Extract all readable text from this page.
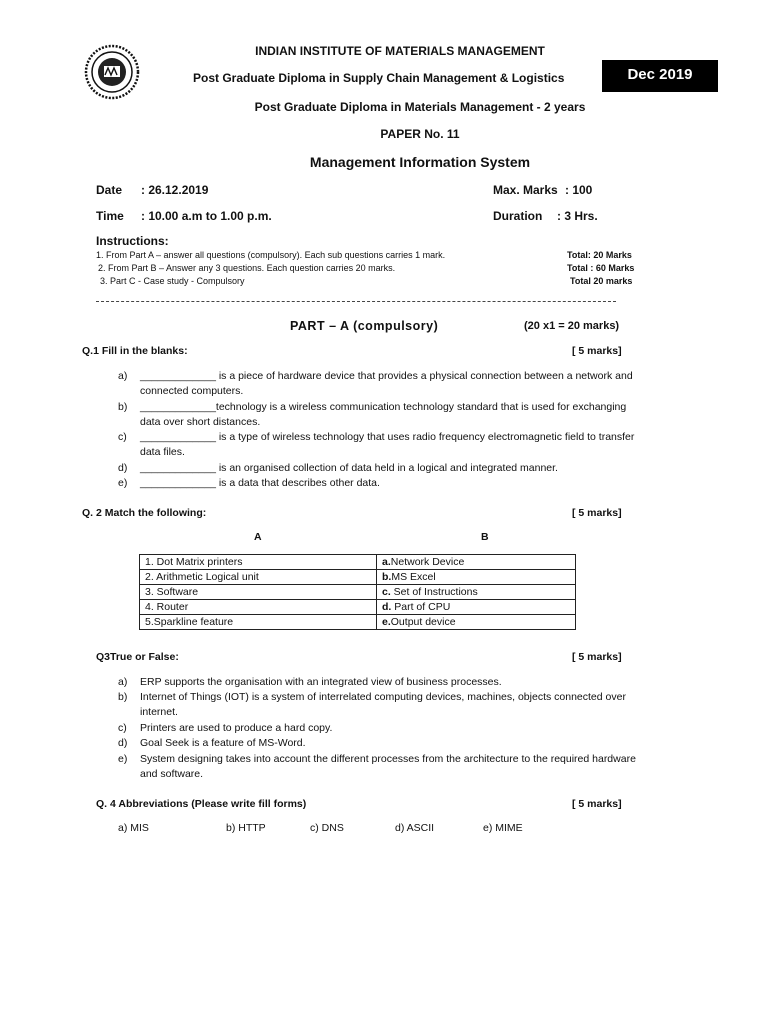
INDIAN INSTITUTE OF MATERIALS MANAGEMENT
Post Graduate Diploma in Supply Chain Management & Logistics	Dec 2019
Post Graduate Diploma in Materials Management - 2 years
PAPER No. 11
Management Information System
Date : 26.12.2019	Max. Marks : 100
Time : 10.00 a.m to 1.00 p.m.	Duration : 3 Hrs.
Instructions:
1. From Part A – answer all questions (compulsory). Each sub questions carries 1 mark.	Total: 20 Marks
2. From Part B – Answer any 3 questions. Each question carries 20 marks.	Total : 60 Marks
3. Part C - Case study - Compulsory	Total 20 marks
PART – A (compulsory)	(20 x1 = 20 marks)
Q.1 Fill in the blanks:	[ 5 marks]
a) _____________ is a piece of hardware device that provides a physical connection between a network and
connected computers.
b) _____________technology is a wireless communication technology standard that is used for exchanging
data over short distances.
c) _____________ is a type of wireless technology that uses radio frequency electromagnetic field to transfer
data files.
d) _____________ is an organised collection of data held in a logical and integrated manner.
e) _____________ is a data that describes other data.
Q. 2 Match the following:	[ 5 marks]
A	B
1. Dot Matrix printers	a.Network Device
2. Arithmetic Logical unit	b.MS Excel
3. Software	c. Set of Instructions
4. Router	d. Part of CPU
5.Sparkline feature	e.Output device
Q3True or False:	[ 5 marks]
a) ERP supports the organisation with an integrated view of business processes.
b) Internet of Things (IOT) is a system of interrelated computing devices, machines, objects connected over
internet.
c) Printers are used to produce a hard copy.
d) Goal Seek is a feature of MS-Word.
e) System designing takes into account the different processes from the architecture to the required hardware
and software.
Q. 4 Abbreviations (Please write fill forms)	[ 5 marks]
a) MIS	b) HTTP	c) DNS	d) ASCII	e) MIME
